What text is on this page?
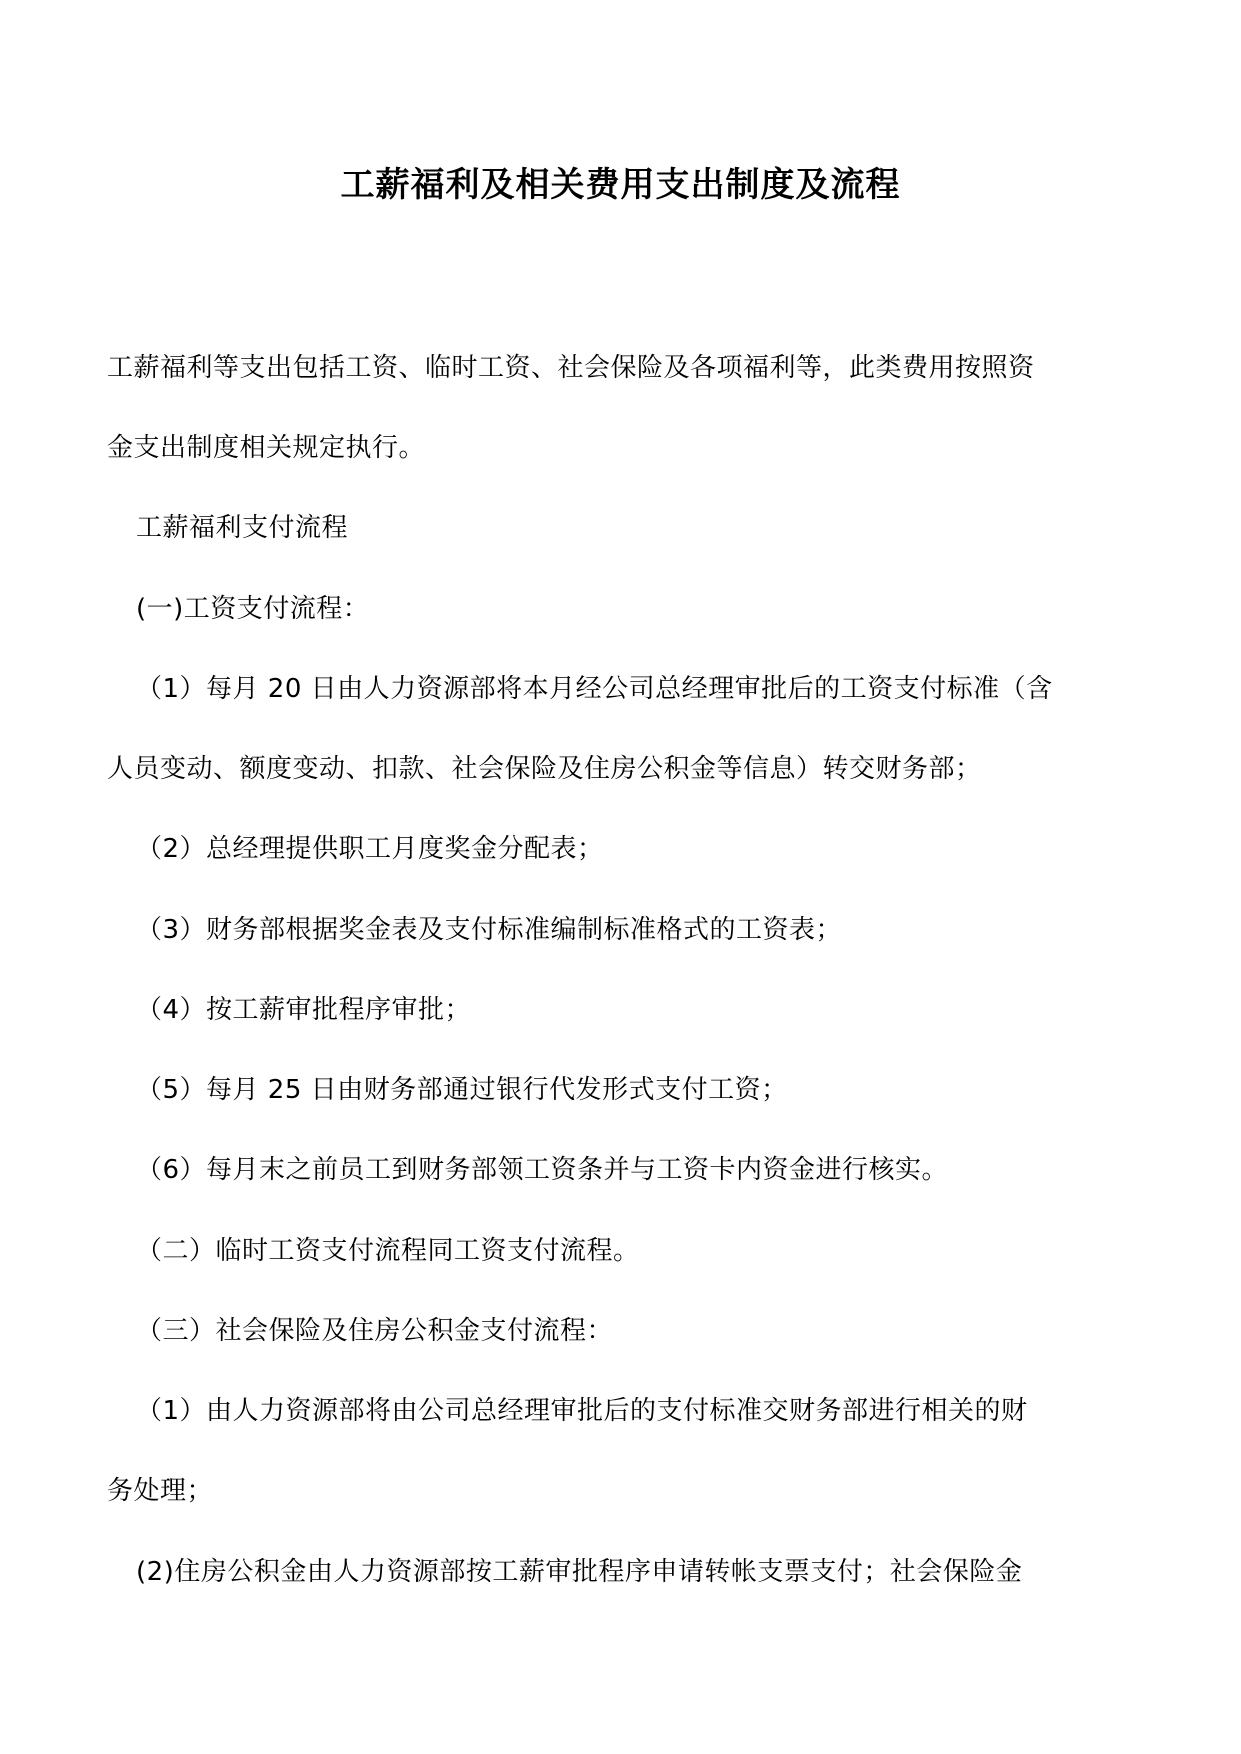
工薪福利及相关费用支出制度及流程
工薪福利等支出包括工资、临时工资、社会保险及各项福利等，此类费用按照资
金支出制度相关规定执行。
工薪福利支付流程
(一)工资支付流程：
（1）每月 20 日由人力资源部将本月经公司总经理审批后的工资支付标准（含
人员变动、额度变动、扣款、社会保险及住房公积金等信息）转交财务部；
（2）总经理提供职工月度奖金分配表；
（3）财务部根据奖金表及支付标准编制标准格式的工资表；
（4）按工薪审批程序审批；
（5）每月 25 日由财务部通过银行代发形式支付工资；
（6）每月末之前员工到财务部领工资条并与工资卡内资金进行核实。
（二）临时工资支付流程同工资支付流程。
（三）社会保险及住房公积金支付流程：
（1）由人力资源部将由公司总经理审批后的支付标准交财务部进行相关的财
务处理；
(2)住房公积金由人力资源部按工薪审批程序申请转帐支票支付；社会保险金
